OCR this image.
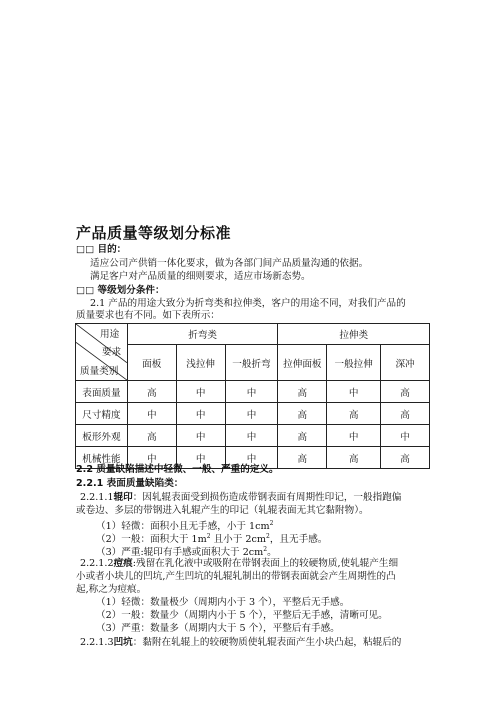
产品质量等级划分标准
□□ 目的：
适应公司产供销一体化要求，做为各部门间产品质量沟通的依据。
满足客户对产品质量的细则要求，适应市场新态势。
□□ 等级划分条件：
2.1 产品的用途大致分为折弯类和拉伸类，客户的用途不同，对我们产品的
质量要求也有不同。如下表所示：
用途
要求
质量类别	折弯类			拉伸类		
	面板	浅拉伸	一般折弯	拉伸面板	一般拉伸	深冲
表面质量	高	中	中	高	中	高
尺寸精度	中	中	中	高	高	高
板形外观	高	中	中	高	中	中
机械性能	中	中	中	高	高	高
2.2 质量缺陷描述中轻微、一般、严重的定义。
2.2.1 表面质量缺陷类：
2.2.1.1辊印：因轧辊表面受到损伤造成带钢表面有周期性印记，一般指跑偏
或卷边、多层的带钢进入轧辊产生的印记（轧辊表面无其它黏附物）。
（1）轻微：面积小且无手感，小于 $1cm^2$
（2）一般：面积大于 $1m^2$ 且小于 $2cm^2$，且无手感。
（3）严重:辊印有手感或面积大于 $2cm^2$。
2.2.1.2痘痕:残留在乳化液中或吸附在带钢表面上的较硬物质,使轧辊产生细
小或者小块儿的凹坑,产生凹坑的轧辊轧制出的带钢表面就会产生周期性的凸
起,称之为痘痕。
（1）轻微：数量极少（周期内小于 3 个），平整后无手感。
（2）一般：数量少（周期内小于 5 个），平整后无手感，清晰可见。
（3）严重：数量多（周期内大于 5 个），平整后有手感。
2.2.1.3凹坑：黏附在轧辊上的较硬物质使轧辊表面产生小块凸起，粘辊后的
